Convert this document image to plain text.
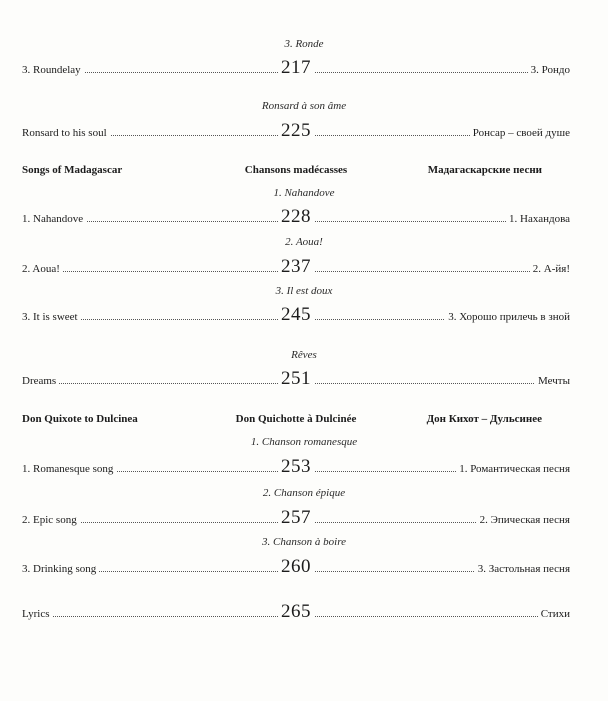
3. Ronde
3. Roundelay	217	3. Рондо
Ronsard à son âme
Ronsard to his soul	225	Ронсар – своей душе
Songs of Madagascar	Chansons madécasses	Мадагаскарские песни
1. Nahandove
1. Nahandove	228	1. Нахандова
2. Aoua!
2. Aoua!	237	2. А-йя!
3. Il est doux
3. It is sweet	245	3. Хорошо прилечь в зной
Rêves
Dreams	251	Мечты
Don Quixote to Dulcinea	Don Quichotte à Dulcinée	Дон Кихот – Дульсинее
1. Chanson romanesque
1. Romanesque song	253	1. Романтическая песня
2. Chanson épique
2. Epic song	257	2. Эпическая песня
3. Chanson à boire
3. Drinking song	260	3. Застольная песня
Lyrics	265	Стихи
